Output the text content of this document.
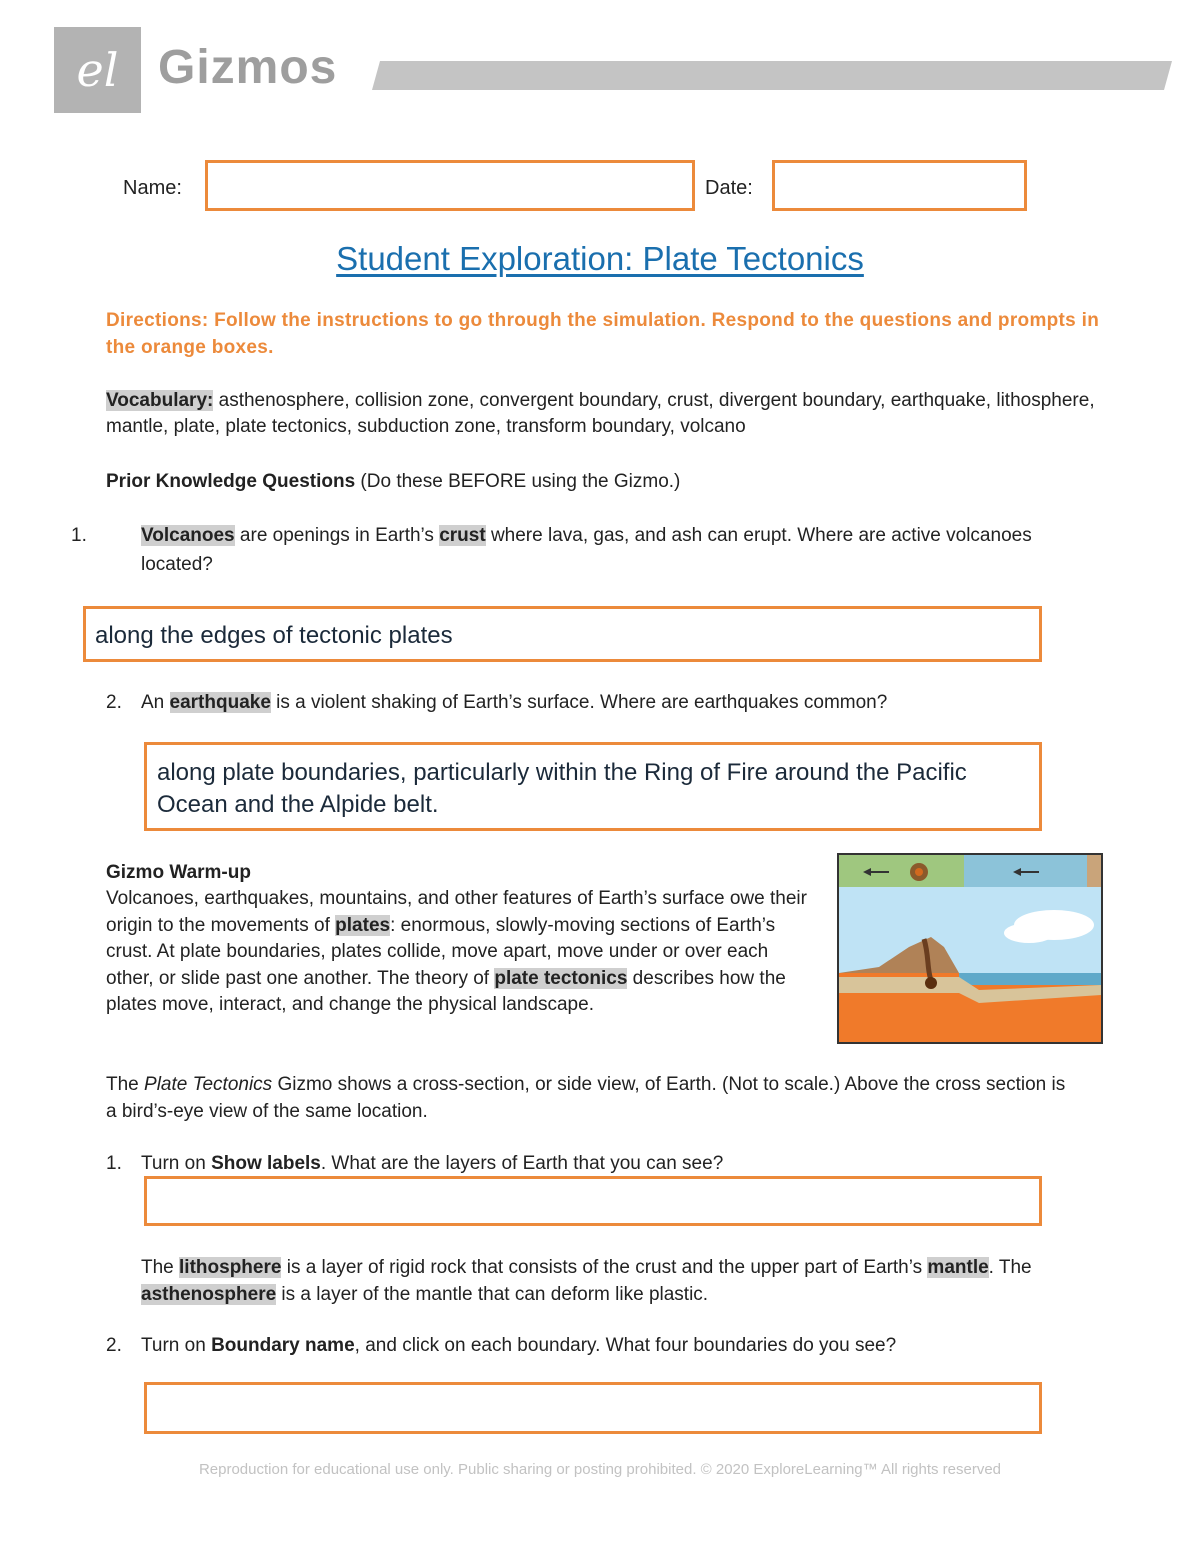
el Gizmos
Name:	Date:
Student Exploration: Plate Tectonics
Directions: Follow the instructions to go through the simulation. Respond to the questions and prompts in the orange boxes.
Vocabulary: asthenosphere, collision zone, convergent boundary, crust, divergent boundary, earthquake, lithosphere, mantle, plate, plate tectonics, subduction zone, transform boundary, volcano
Prior Knowledge Questions (Do these BEFORE using the Gizmo.)
1.	Volcanoes are openings in Earth’s crust where lava, gas, and ash can erupt. Where are active volcanoes located?
along the edges of tectonic plates
2. An earthquake is a violent shaking of Earth’s surface. Where are earthquakes common?
along plate boundaries, particularly within the Ring of Fire around the Pacific Ocean and the Alpide belt.
Gizmo Warm-up
Volcanoes, earthquakes, mountains, and other features of Earth’s surface owe their origin to the movements of plates: enormous, slowly-moving sections of Earth’s crust. At plate boundaries, plates collide, move apart, move under or over each other, or slide past one another. The theory of plate tectonics describes how the plates move, interact, and change the physical landscape.
The Plate Tectonics Gizmo shows a cross-section, or side view, of Earth. (Not to scale.) Above the cross section is a bird’s-eye view of the same location.
1. Turn on Show labels. What are the layers of Earth that you can see?
The lithosphere is a layer of rigid rock that consists of the crust and the upper part of Earth’s mantle. The asthenosphere is a layer of the mantle that can deform like plastic.
2. Turn on Boundary name, and click on each boundary. What four boundaries do you see?
Reproduction for educational use only. Public sharing or posting prohibited. © 2020 ExploreLearning™ All rights reserved
